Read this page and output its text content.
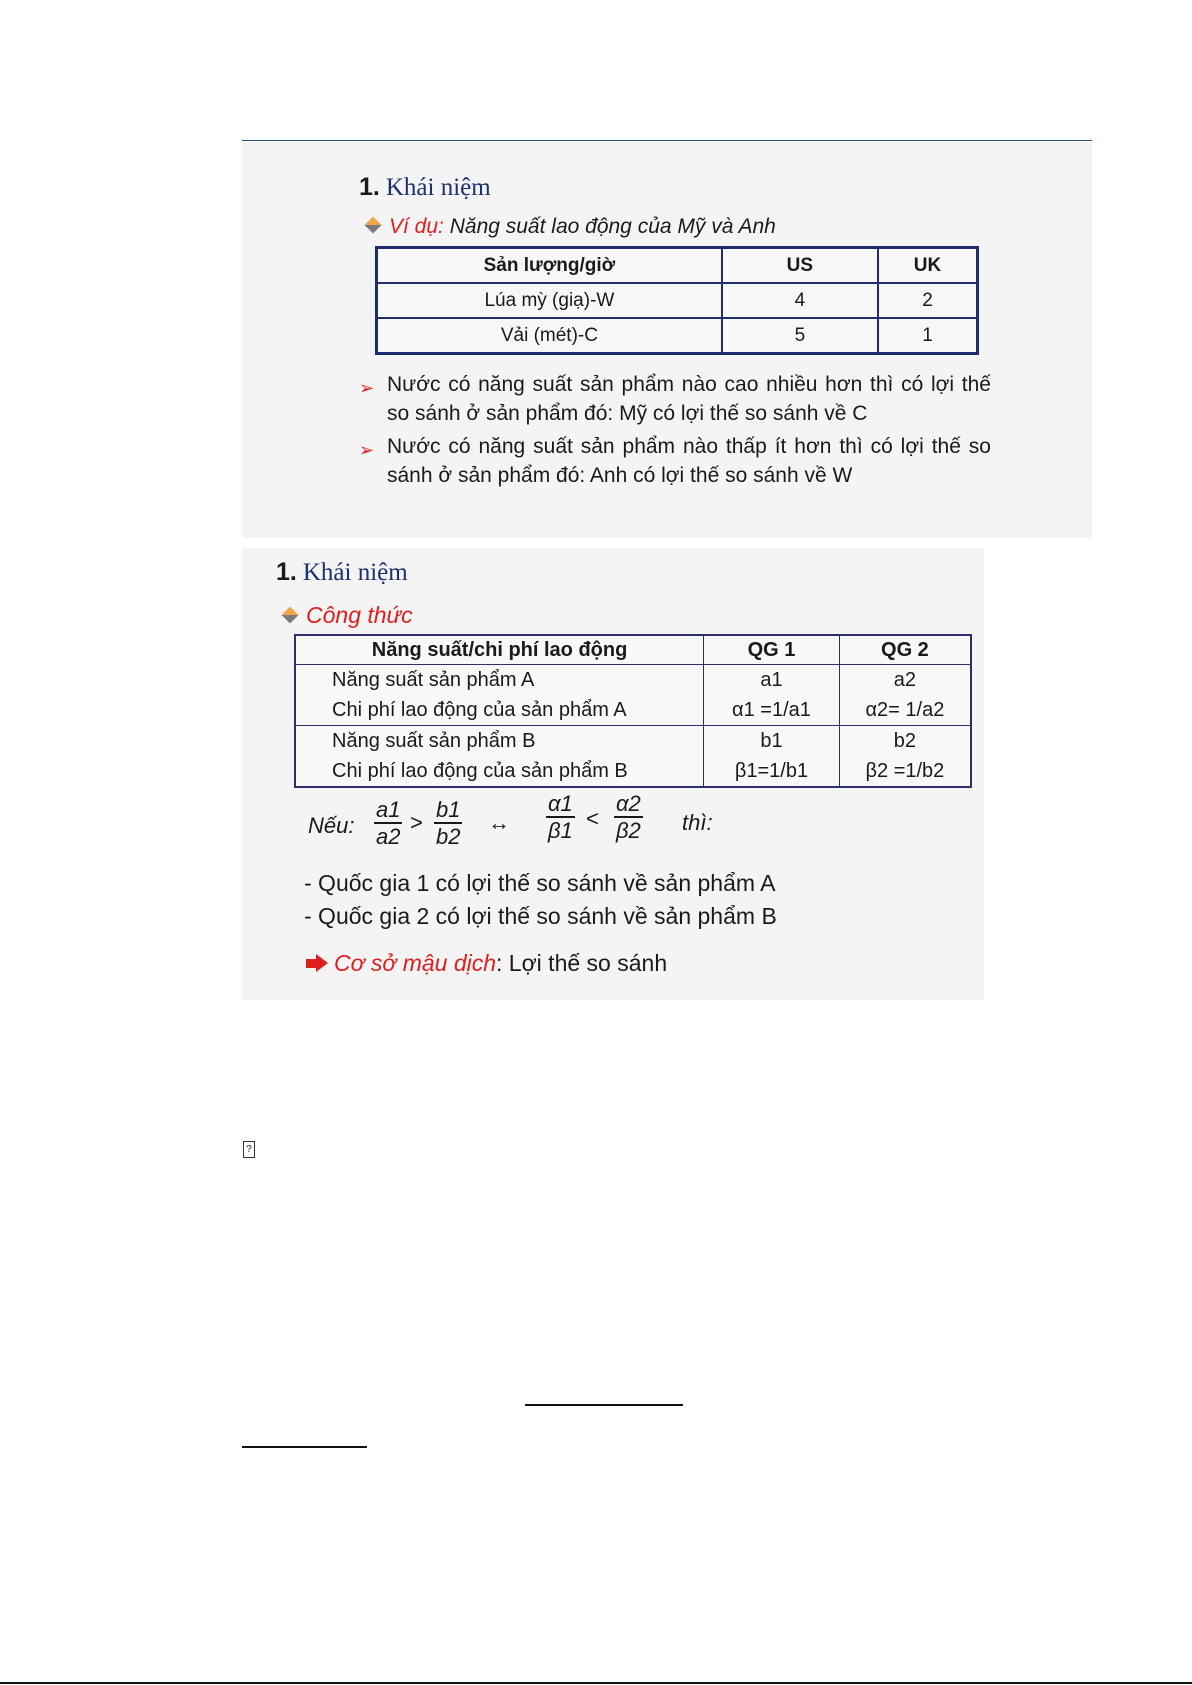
1. Khái niệm
Ví dụ: Năng suất lao động của Mỹ và Anh
Sản lượng/giờ	US	UK
Lúa mỳ (giạ)-W	4	2
Vải (mét)-C	5	1
➢ Nước có năng suất sản phẩm nào cao nhiều hơn thì có lợi thế so sánh ở sản phẩm đó: Mỹ có lợi thế so sánh về C
➢ Nước có năng suất sản phẩm nào thấp ít hơn thì có lợi thế so sánh ở sản phẩm đó: Anh có lợi thế so sánh về W
1. Khái niệm
Công thức
Năng suất/chi phí lao động	QG 1	QG 2
Năng suất sản phẩm A	a1	a2
Chi phí lao động của sản phẩm A	α1 =1/a1	α2= 1/a2
Năng suất sản phẩm B	b1	b2
Chi phí lao động của sản phẩm B	β1=1/b1	β2 =1/b2
Nếu: $\frac{a1}{a2} > \frac{b1}{b2}$ ↔ $\frac{\alpha 1}{\beta 1} < \frac{\alpha 2}{\beta 2}$ thì:
- Quốc gia 1 có lợi thế so sánh về sản phẩm A
- Quốc gia 2 có lợi thế so sánh về sản phẩm B
Cơ sở mậu dịch: Lợi thế so sánh
?
